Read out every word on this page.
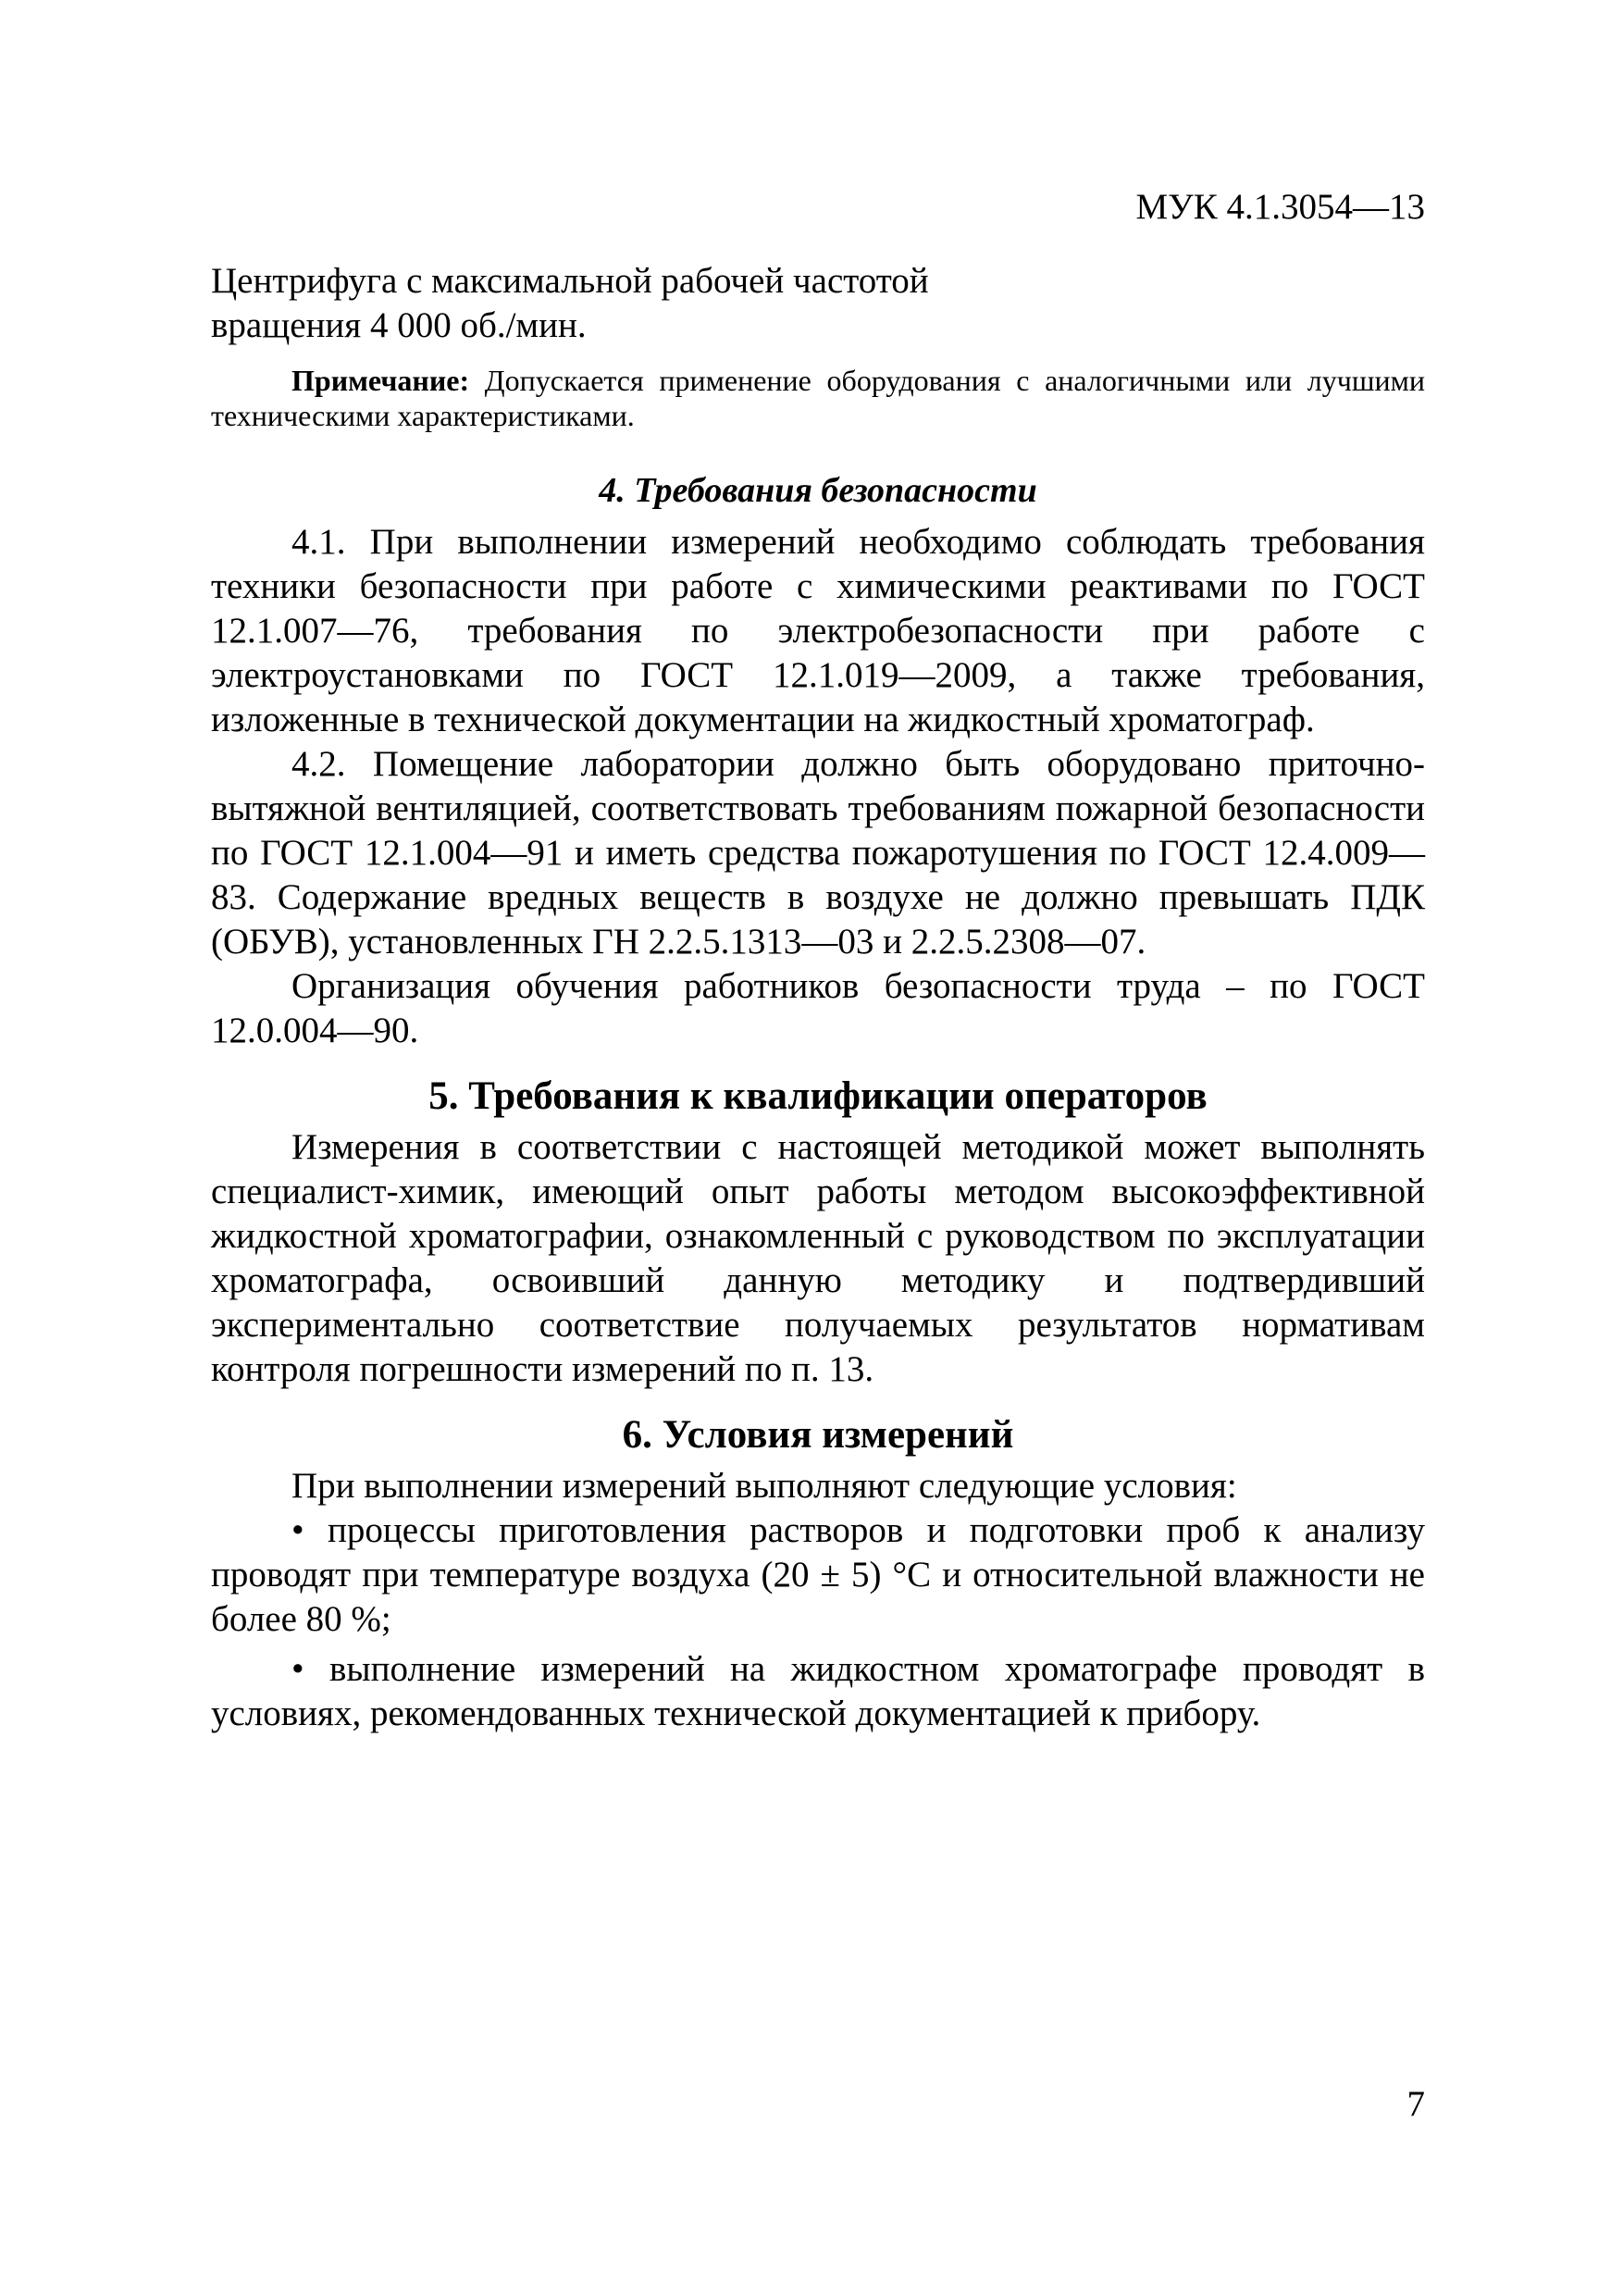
МУК 4.1.3054—13

Центрифуга с максимальной рабочей частотой вращения 4 000 об./мин.

Примечание: Допускается применение оборудования с аналогичными или лучшими техническими характеристиками.

4. Требования безопасности

4.1. При выполнении измерений необходимо соблюдать требования техники безопасности при работе с химическими реактивами по ГОСТ 12.1.007—76, требования по электробезопасности при работе с электроустановками по ГОСТ 12.1.019—2009, а также требования, изложенные в технической документации на жидкостный хроматограф.

4.2. Помещение лаборатории должно быть оборудовано приточно-вытяжной вентиляцией, соответствовать требованиям пожарной безопасности по ГОСТ 12.1.004—91 и иметь средства пожаротушения по ГОСТ 12.4.009—83. Содержание вредных веществ в воздухе не должно превышать ПДК (ОБУВ), установленных ГН 2.2.5.1313—03 и 2.2.5.2308—07.

Организация обучения работников безопасности труда – по ГОСТ 12.0.004—90.

5. Требования к квалификации операторов

Измерения в соответствии с настоящей методикой может выполнять специалист-химик, имеющий опыт работы методом высокоэффективной жидкостной хроматографии, ознакомленный с руководством по эксплуатации хроматографа, освоивший данную методику и подтвердивший экспериментально соответствие получаемых результатов нормативам контроля погрешности измерений по п. 13.

6. Условия измерений

При выполнении измерений выполняют следующие условия:

• процессы приготовления растворов и подготовки проб к анализу проводят при температуре воздуха (20 ± 5) °С и относительной влажности не более 80 %;

• выполнение измерений на жидкостном хроматографе проводят в условиях, рекомендованных технической документацией к прибору.

7
